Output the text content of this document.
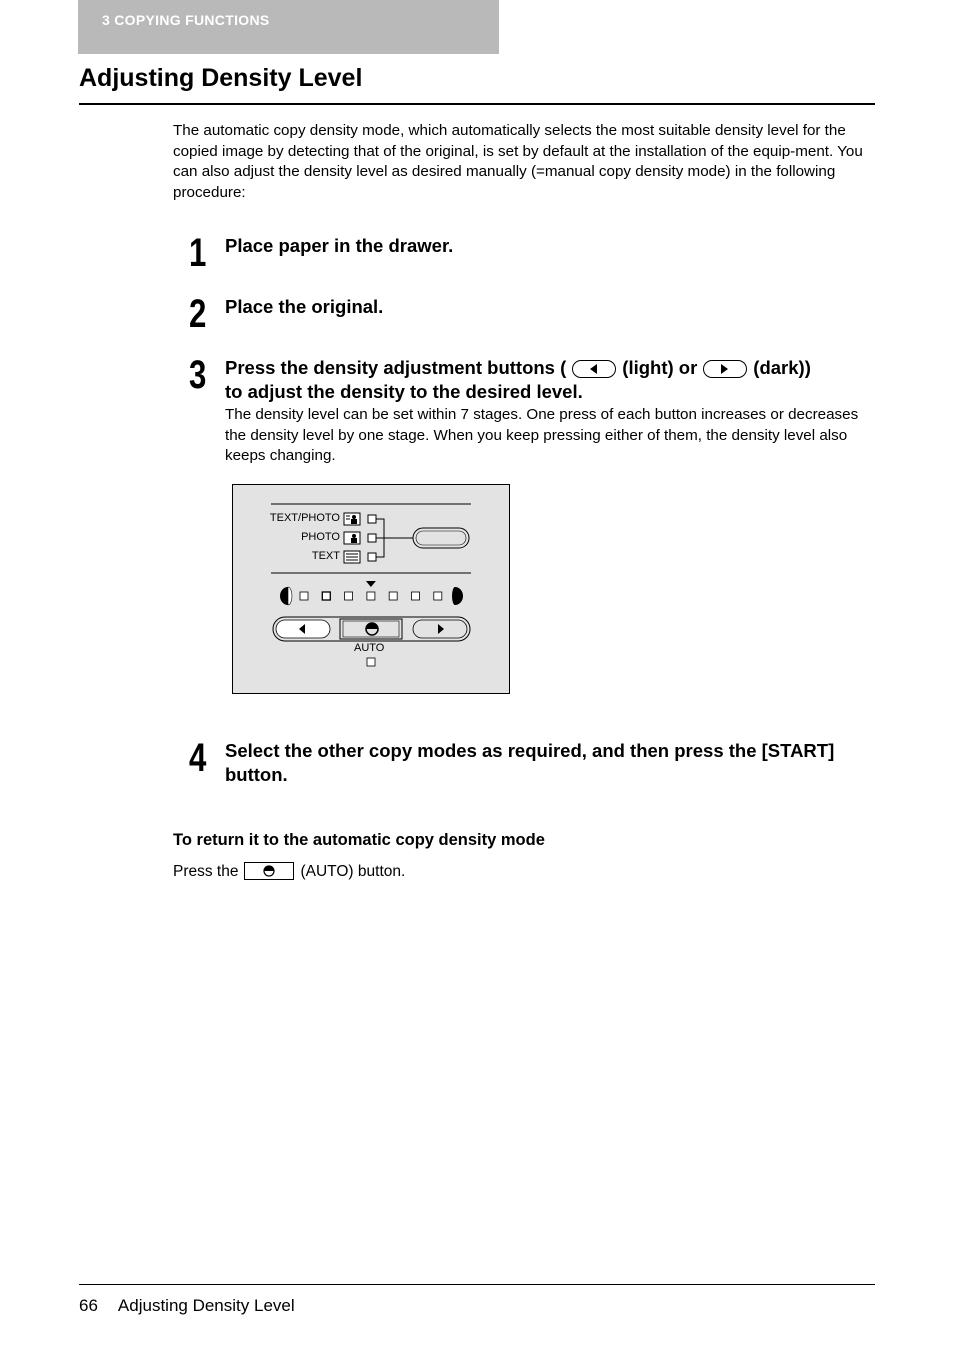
3 COPYING FUNCTIONS
Adjusting Density Level

The automatic copy density mode, which automatically selects the most suitable density level for the copied image by detecting that of the original, is set by default at the installation of the equip-ment. You can also adjust the density level as desired manually (=manual copy density mode) in the following procedure:

1 Place paper in the drawer.
2 Place the original.
3 Press the density adjustment buttons (	(light) or	(dark))
to adjust the density to the desired level.
The density level can be set within 7 stages. One press of each button increases or decreases the density level by one stage. When you keep pressing either of them, the density level also keeps changing.
TEXT/PHOTO
PHOTO
TEXT
AUTO
4 Select the other copy modes as required, and then press the [START] button.
To return it to the automatic copy density mode
Press the	(AUTO) button.
66 Adjusting Density Level
